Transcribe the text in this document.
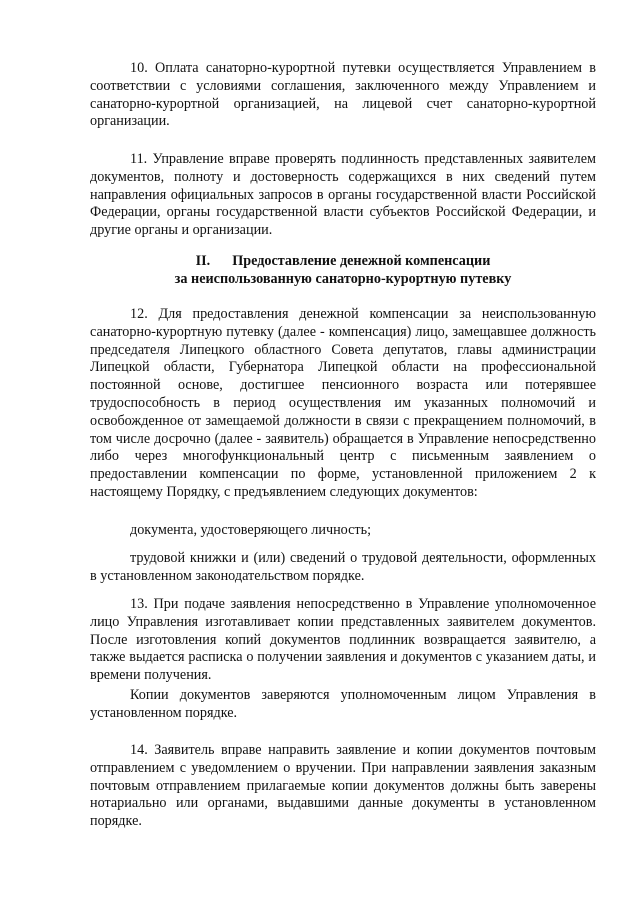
10. Оплата санаторно-курортной путевки осуществляется Управлением в соответствии с условиями соглашения, заключенного между Управлением и санаторно-курортной организацией, на лицевой счет санаторно-курортной организации.

11. Управление вправе проверять подлинность представленных заявителем документов, полноту и достоверность содержащихся в них сведений путем направления официальных запросов в органы государственной власти Российской Федерации, органы государственной власти субъектов Российской Федерации, и другие органы и организации.

II. Предоставление денежной компенсации
за неиспользованную санаторно-курортную путевку

12. Для предоставления денежной компенсации за неиспользованную санаторно-курортную путевку (далее - компенсация) лицо, замещавшее должность председателя Липецкого областного Совета депутатов, главы администрации Липецкой области, Губернатора Липецкой области на профессиональной постоянной основе, достигшее пенсионного возраста или потерявшее трудоспособность в период осуществления им указанных полномочий и освобожденное от замещаемой должности в связи с прекращением полномочий, в том числе досрочно (далее - заявитель) обращается в Управление непосредственно либо через многофункциональный центр с письменным заявлением о предоставлении компенсации по форме, установленной приложением 2 к настоящему Порядку, с предъявлением следующих документов:

документа, удостоверяющего личность;

трудовой книжки и (или) сведений о трудовой деятельности, оформленных в установленном законодательством порядке.

13. При подаче заявления непосредственно в Управление уполномоченное лицо Управления изготавливает копии представленных заявителем документов. После изготовления копий документов подлинник возвращается заявителю, а также выдается расписка о получении заявления и документов с указанием даты, и времени получения.

Копии документов заверяются уполномоченным лицом Управления в установленном порядке.

14. Заявитель вправе направить заявление и копии документов почтовым отправлением с уведомлением о вручении. При направлении заявления заказным почтовым отправлением прилагаемые копии документов должны быть заверены нотариально или органами, выдавшими данные документы в установленном порядке.
